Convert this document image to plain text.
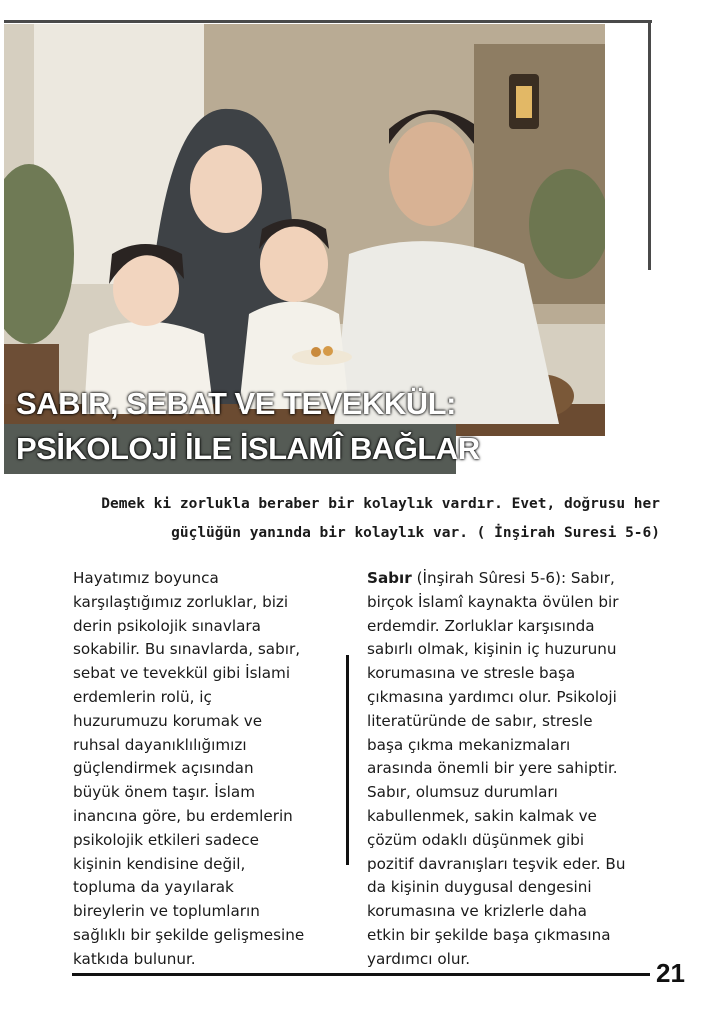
SABIR, SEBAT VE TEVEKKÜL:
PSİKOLOJİ İLE İSLAMÎ BAĞLAR
Demek ki zorlukla beraber bir kolaylık vardır. Evet, doğrusu her
güçlüğün yanında bir kolaylık var. ( İnşirah Suresi 5-6)
Hayatımız boyunca
karşılaştığımız zorluklar, bizi
derin psikolojik sınavlara
sokabilir. Bu sınavlarda, sabır,
sebat ve tevekkül gibi İslami
erdemlerin rolü, iç
huzurumuzu korumak ve
ruhsal dayanıklılığımızı
güçlendirmek açısından
büyük önem taşır. İslam
inancına göre, bu erdemlerin
psikolojik etkileri sadece
kişinin kendisine değil,
topluma da yayılarak
bireylerin ve toplumların
sağlıklı bir şekilde gelişmesine
katkıda bulunur.
Sabır (İnşirah Sûresi 5-6): Sabır,
birçok İslamî kaynakta övülen bir
erdemdir. Zorluklar karşısında
sabırlı olmak, kişinin iç huzurunu
korumasına ve stresle başa
çıkmasına yardımcı olur. Psikoloji
literatüründe de sabır, stresle
başa çıkma mekanizmaları
arasında önemli bir yere sahiptir.
Sabır, olumsuz durumları
kabullenmek, sakin kalmak ve
çözüm odaklı düşünmek gibi
pozitif davranışları teşvik eder. Bu
da kişinin duygusal dengesini
korumasına ve krizlerle daha
etkin bir şekilde başa çıkmasına
yardımcı olur.	21
